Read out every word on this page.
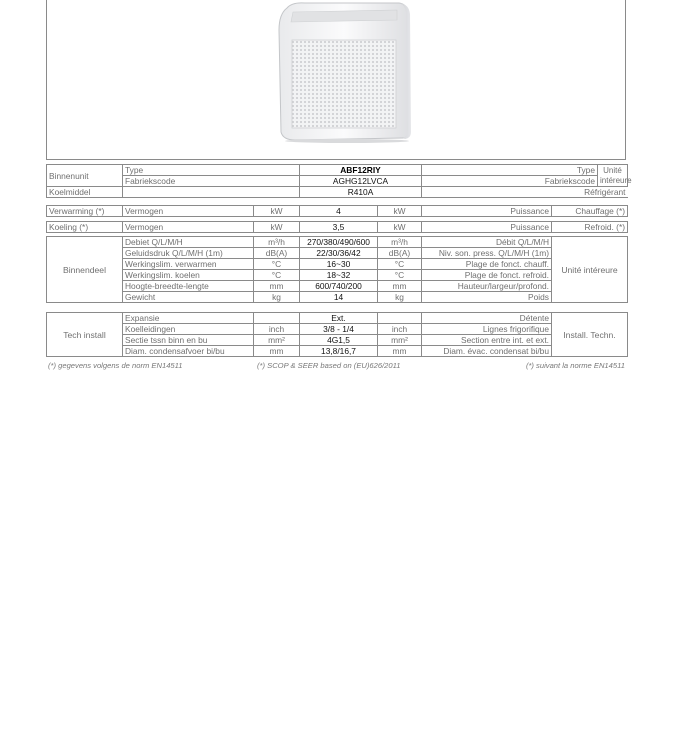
Binnenunit	Type	ABF12RIY	Type	Unité intéreure
	Fabriekscode	AGHG12LVCA	Fabriekscode	
Koelmiddel		R410A	Réfrigérant	
Verwarming (*)	Vermogen	kW	4	kW	Puissance	Chauffage (*)
Koeling (*)	Vermogen	kW	3,5	kW	Puissance	Refroid. (*)
Binnendeel	Debiet Q/L/M/H	m³/h	270/380/490/600	m³/h	Débit Q/L/M/H	Unité intéreure
	Geluidsdruk Q/L/M/H (1m)	dB(A)	22/30/36/42	dB(A)	Niv. son. press. Q/L/M/H (1m)	
	Werkingslim. verwarmen	°C	16~30	°C	Plage de fonct. chauff.	
	Werkingslim. koelen	°C	18~32	°C	Plage de fonct. refroid.	
	Hoogte-breedte-lengte	mm	600/740/200	mm	Hauteur/largeur/profond.	
	Gewicht	kg	14	kg	Poids	
Tech install	Expansie		Ext.		Détente	Install. Techn.
	Koelleidingen	inch	3/8 - 1/4	inch	Lignes frigorifique	
	Sectie tssn binn en bu	mm²	4G1,5	mm²	Section entre int. et ext.	
	Diam. condensafvoer bi/bu	mm	13,8/16,7	mm	Diam. évac. condensat bi/bu	
(*) gegevens volgens de norm EN14511	(*) SCOP & SEER based on (EU)626/2011	(*) suivant la norme EN14511
